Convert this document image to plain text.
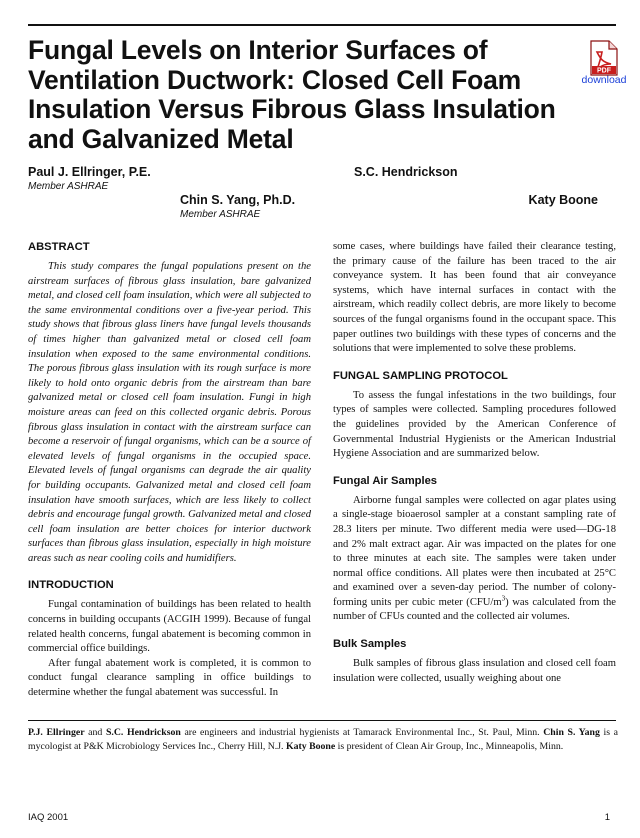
Fungal Levels on Interior Surfaces of Ventilation Ductwork: Closed Cell Foam Insulation Versus Fibrous Glass Insulation and Galvanized Metal
PDF
download
Paul J. Ellringer, P.E.
Member ASHRAE
S.C. Hendrickson
Chin S. Yang, Ph.D.
Member ASHRAE
Katy Boone
ABSTRACT

This study compares the fungal populations present on the airstream surfaces of fibrous glass insulation, bare galvanized metal, and closed cell foam insulation, which were all subjected to the same environmental conditions over a five-year period. This study shows that fibrous glass liners have fungal levels thousands of times higher than galvanized metal or closed cell foam insulation when exposed to the same environmental conditions. The porous fibrous glass insulation with its rough surface is more likely to hold onto organic debris from the airstream than bare galvanized metal or closed cell foam insulation. Fungi in high moisture areas can feed on this collected organic debris. Porous fibrous glass insulation in contact with the airstream surface can become a reservoir of fungal organisms, which can be a source of elevated levels of fungal organisms in the occupied space. Elevated levels of fungal organisms can degrade the air quality for building occupants. Galvanized metal and closed cell foam insulation have smooth surfaces, which are less likely to collect debris and encourage fungal growth. Galvanized metal and closed cell foam insulation are better choices for interior ductwork surfaces than fibrous glass insulation, especially in high moisture areas such as near cooling coils and humidifiers.

INTRODUCTION

Fungal contamination of buildings has been related to health concerns in building occupants (ACGIH 1999). Because of fungal related health concerns, fungal abatement is becoming common in commercial office buildings.

After fungal abatement work is completed, it is common to conduct fungal clearance sampling in office buildings to determine whether the fungal abatement was successful. In

some cases, where buildings have failed their clearance testing, the primary cause of the failure has been traced to the air conveyance system. It has been found that air conveyance systems, which have internal surfaces in contact with the airstream, which readily collect debris, are more likely to become sources of the fungal organisms found in the occupant space. This paper outlines two buildings with these types of concerns and the solutions that were implemented to solve these problems.

FUNGAL SAMPLING PROTOCOL

To assess the fungal infestations in the two buildings, four types of samples were collected. Sampling procedures followed the guidelines provided by the American Conference of Governmental Industrial Hygienists or the American Industrial Hygiene Association and are summarized below.

Fungal Air Samples

Airborne fungal samples were collected on agar plates using a single-stage bioaerosol sampler at a constant sampling rate of 28.3 liters per minute. Two different media were used—DG-18 and 2% malt extract agar. Air was impacted on the plates for one to three minutes at each site. The samples were taken under normal office conditions. All plates were then incubated at 25°C and examined over a seven-day period. The number of colony-forming units per cubic meter $(CFU/m^3)$ was calculated from the number of CFUs counted and the collected air volumes.

Bulk Samples

Bulk samples of fibrous glass insulation and closed cell foam insulation were collected, usually weighing about one

P.J. Ellringer and S.C. Hendrickson are engineers and industrial hygienists at Tamarack Environmental Inc., St. Paul, Minn. Chin S. Yang is a mycologist at P&K Microbiology Services Inc., Cherry Hill, N.J. Katy Boone is president of Clean Air Group, Inc., Minneapolis, Minn.
IAQ 2001	1
